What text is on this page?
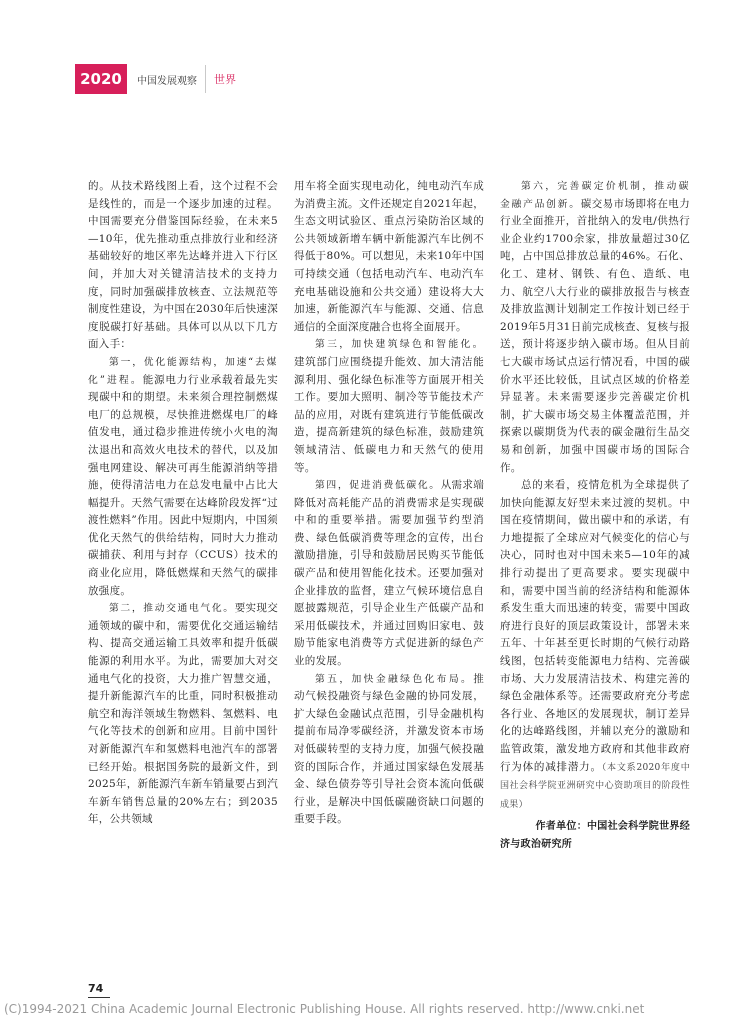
2020	中国发展观察 世界

的。从技术路线图上看，这个过程不会是线性的，而是一个逐步加速的过程。中国需要充分借鉴国际经验，在未来5—10年，优先推动重点排放行业和经济基础较好的地区率先达峰并进入下行区间，并加大对关键清洁技术的支持力度，同时加强碳排放核查、立法规范等制度性建设，为中国在2030年后快速深度脱碳打好基础。具体可以从以下几方面入手：

第一，优化能源结构，加速“去煤化”进程。能源电力行业承载着最先实现碳中和的期望。未来须合理控制燃煤电厂的总规模，尽快推进燃煤电厂的峰值发电，通过稳步推进传统小火电的淘汰退出和高效火电技术的替代，以及加强电网建设、解决可再生能源消纳等措施，使得清洁电力在总发电量中占比大幅提升。天然气需要在达峰阶段发挥“过渡性燃料”作用。因此中短期内，中国须优化天然气的供给结构，同时大力推动碳捕获、利用与封存（CCUS）技术的商业化应用，降低燃煤和天然气的碳排放强度。

第二，推动交通电气化。要实现交通领域的碳中和，需要优化交通运输结构、提高交通运输工具效率和提升低碳能源的利用水平。为此，需要加大对交通电气化的投资，大力推广智慧交通，提升新能源汽车的比重，同时积极推动航空和海洋领域生物燃料、氢燃料、电气化等技术的创新和应用。目前中国针对新能源汽车和氢燃料电池汽车的部署已经开始。根据国务院的最新文件，到2025年，新能源汽车新车销量要占到汽车新车销售总量的20%左右；到2035年，公共领域

用车将全面实现电动化，纯电动汽车成为消费主流。文件还规定自2021年起，生态文明试验区、重点污染防治区域的公共领域新增车辆中新能源汽车比例不得低于80%。可以想见，未来10年中国可持续交通（包括电动汽车、电动汽车充电基础设施和公共交通）建设将大大加速，新能源汽车与能源、交通、信息通信的全面深度融合也将全面展开。

第三，加快建筑绿色和智能化。建筑部门应围绕提升能效、加大清洁能源利用、强化绿色标准等方面展开相关工作。要加大照明、制冷等节能技术产品的应用，对既有建筑进行节能低碳改造，提高新建筑的绿色标准，鼓励建筑领域清洁、低碳电力和天然气的使用等。

第四，促进消费低碳化。从需求端降低对高耗能产品的消费需求是实现碳中和的重要举措。需要加强节约型消费、绿色低碳消费等理念的宣传，出台激励措施，引导和鼓励居民购买节能低碳产品和使用智能化技术。还要加强对企业排放的监督，建立气候环境信息自愿披露规范，引导企业生产低碳产品和采用低碳技术，并通过回购旧家电、鼓励节能家电消费等方式促进新的绿色产业的发展。

第五，加快金融绿色化布局。推动气候投融资与绿色金融的协同发展，扩大绿色金融试点范围，引导金融机构提前布局净零碳经济，并激发资本市场对低碳转型的支持力度，加强气候投融资的国际合作，并通过国家绿色发展基金、绿色债券等引导社会资本流向低碳行业，是解决中国低碳融资缺口问题的重要手段。

第六，完善碳定价机制，推动碳金融产品创新。碳交易市场即将在电力行业全面推开，首批纳入的发电/供热行业企业约1700余家，排放量超过30亿吨，占中国总排放总量的46%。石化、化工、建材、钢铁、有色、造纸、电力、航空八大行业的碳排放报告与核查及排放监测计划制定工作按计划已经于2019年5月31日前完成核查、复核与报送，预计将逐步纳入碳市场。但从目前七大碳市场试点运行情况看，中国的碳价水平还比较低，且试点区域的价格差异显著。未来需要逐步完善碳定价机制，扩大碳市场交易主体覆盖范围，并探索以碳期货为代表的碳金融衍生品交易和创新，加强中国碳市场的国际合作。

总的来看，疫情危机为全球提供了加快向能源友好型未来过渡的契机。中国在疫情期间，做出碳中和的承诺，有力地提振了全球应对气候变化的信心与决心，同时也对中国未来5—10年的减排行动提出了更高要求。要实现碳中和，需要中国当前的经济结构和能源体系发生重大而迅速的转变，需要中国政府进行良好的顶层政策设计，部署未来五年、十年甚至更长时期的气候行动路线图，包括转变能源电力结构、完善碳市场、大力发展清洁技术、构建完善的绿色金融体系等。还需要政府充分考虑各行业、各地区的发展现状，制订差异化的达峰路线图，并辅以充分的激励和监管政策，激发地方政府和其他非政府行为体的减排潜力。（本文系2020年度中国社会科学院亚洲研究中心资助项目的阶段性成果）

作者单位：中国社会科学院世界经
济与政治研究所

74
(C)1994-2021 China Academic Journal Electronic Publishing House. All rights reserved. http://www.cnki.net
